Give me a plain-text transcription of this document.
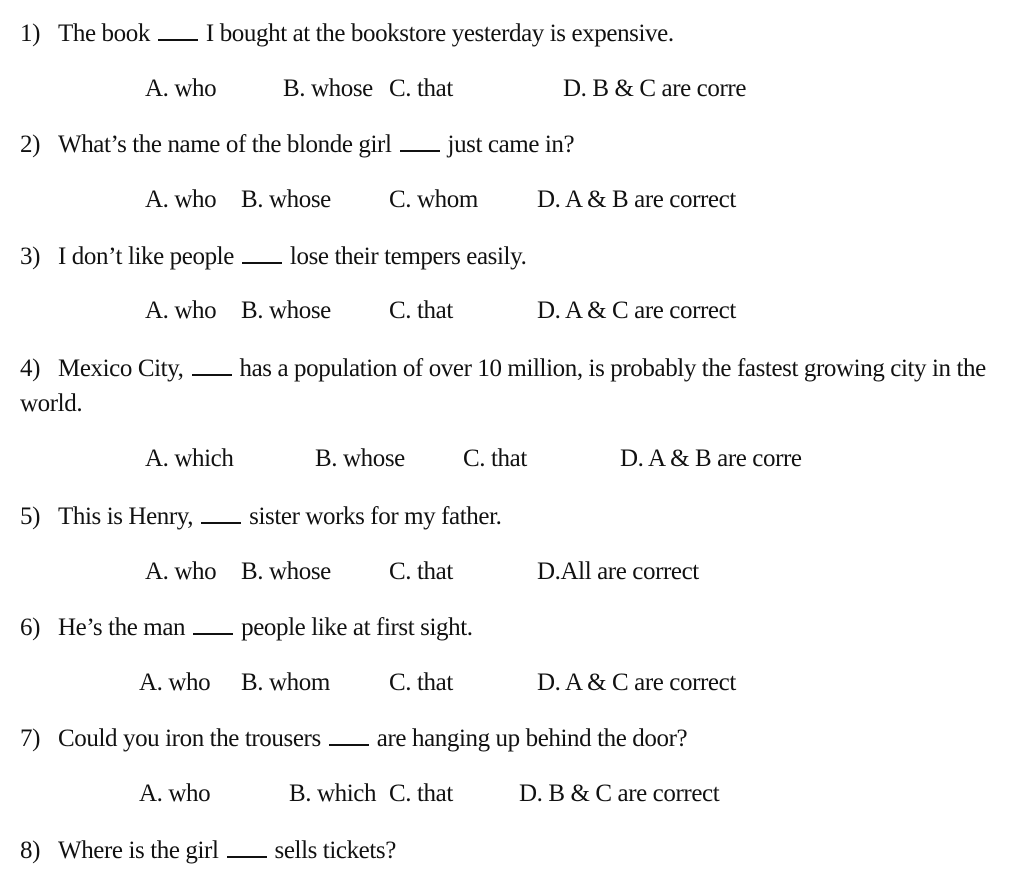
1) The book I bought at the bookstore yesterday is expensive.
A. who	B. whose C. that	D. B & C are corre
2) What’s the name of the blonde girl just came in?
A. who B. whose C. whom D. A & B are correct
3) I don’t like people lose their tempers easily.
A. who B. whose C. that	D. A & C are correct
4) Mexico City, has a population of over 10 million, is probably the fastest growing city in the world.
A. which	B. whose C. that	D. A & B are corre
5) This is Henry, sister works for my father.
A. who B. whose C. that	D.All are correct
6) He’s the man people like at first sight.
A. who B. whom C. that	D. A & C are correct
7) Could you iron the trousers are hanging up behind the door?
A. who	B. which C. that	D. B & C are correct
8) Where is the girl sells tickets?
